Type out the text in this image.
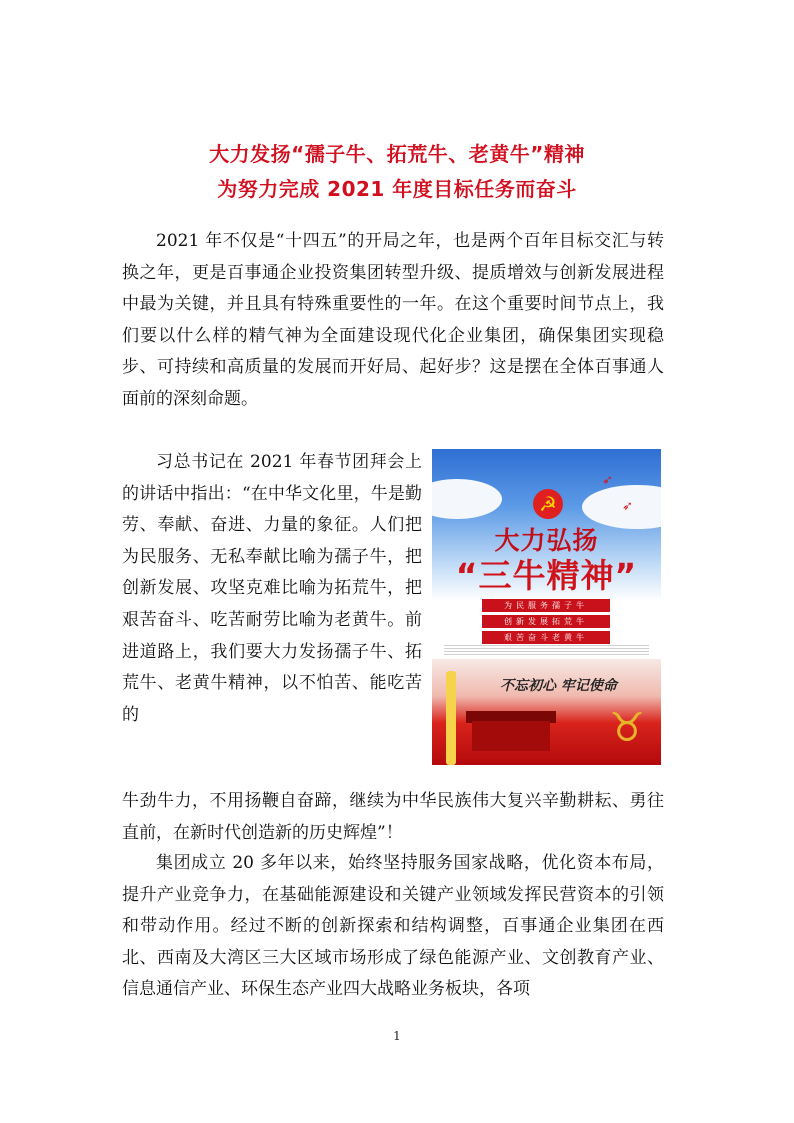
大力发扬“孺子牛、拓荒牛、老黄牛”精神
为努力完成 2021 年度目标任务而奋斗
2021 年不仅是“十四五”的开局之年，也是两个百年目标交汇与转换之年，更是百事通企业投资集团转型升级、提质增效与创新发展进程中最为关键，并且具有特殊重要性的一年。在这个重要时间节点上，我们要以什么样的精气神为全面建设现代化企业集团，确保集团实现稳步、可持续和高质量的发展而开好局、起好步？这是摆在全体百事通人面前的深刻命题。
习总书记在 2021 年春节团拜会上的讲话中指出：“在中华文化里，牛是勤劳、奉献、奋进、力量的象征。人们把为民服务、无私奉献比喻为孺子牛，把创新发展、攻坚克难比喻为拓荒牛，把艰苦奋斗、吃苦耐劳比喻为老黄牛。前进道路上，我们要大力发扬孺子牛、拓荒牛、老黄牛精神，以不怕苦、能吃苦的
☭
➶
➶
大力弘扬
“三牛精神”
为民服务孺子牛
创新发展拓荒牛
艰苦奋斗老黄牛
不忘初心 牢记使命
♉
牛劲牛力，不用扬鞭自奋蹄，继续为中华民族伟大复兴辛勤耕耘、勇往直前，在新时代创造新的历史辉煌”！
集团成立 20 多年以来，始终坚持服务国家战略，优化资本布局，提升产业竞争力，在基础能源建设和关键产业领域发挥民营资本的引领和带动作用。经过不断的创新探索和结构调整，百事通企业集团在西北、西南及大湾区三大区域市场形成了绿色能源产业、文创教育产业、信息通信产业、环保生态产业四大战略业务板块，各项
1
